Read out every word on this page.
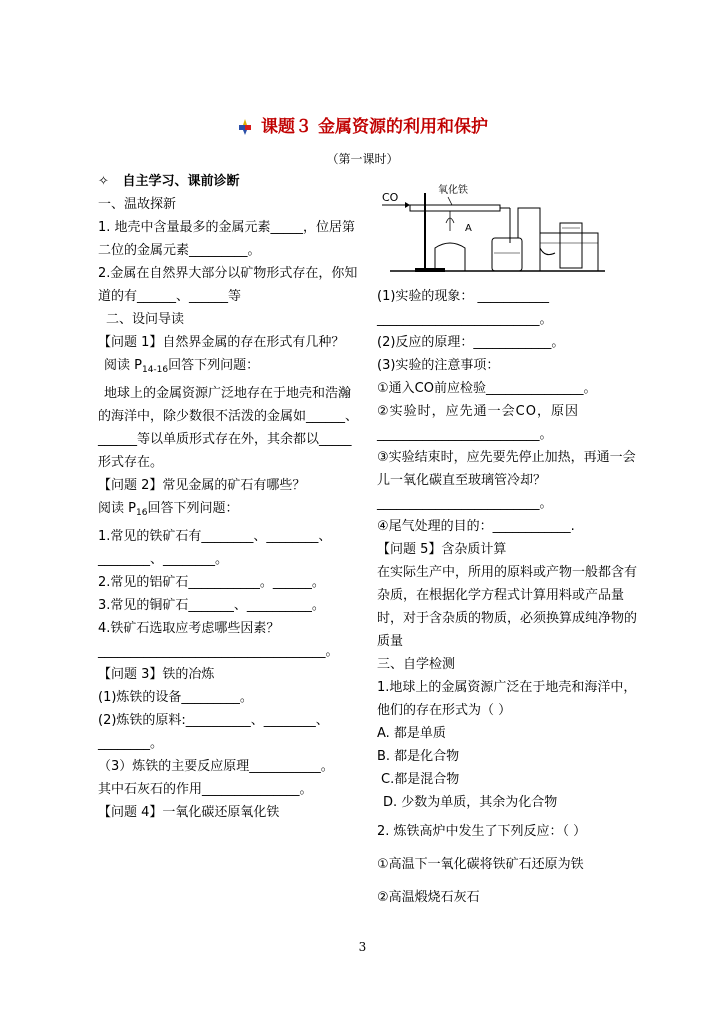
课题３ 金属资源的利用和保护
（第一课时）

✧   自主学习、课前诊断

一、温故探新

1. 地壳中含量最多的金属元素_____，位居第二位的金属元素_________。

2.金属在自然界大部分以矿物形式存在，你知道的有______、______等

二、设问导读

【问题 1】自然界金属的存在形式有几种？

阅读 $P_{14-16}$回答下列问题：

地球上的金属资源广泛地存在于地壳和浩瀚的海洋中，除少数很不活泼的金属如______、______等以单质形式存在外，其余都以_____形式存在。

【问题 2】常见金属的矿石有哪些？

阅读 $P_{16}$回答下列问题：

1.常见的铁矿石有________、________、________、________。

2.常见的铝矿石___________。______。

3.常见的铜矿石_______、__________。

4.铁矿石选取应考虑哪些因素？

___________________________________。

【问题 3】铁的冶炼

(1)炼铁的设备_________。

(2)炼铁的原料:__________、________、________。

（3）炼铁的主要反应原理___________。

其中石灰石的作用_______________。

【问题 4】一氧化碳还原氧化铁

CO
氧化铁
A

(1)实验的现象： ___________

_________________________。

(2)反应的原理：____________。

(3)实验的注意事项：

①通入CO前应检验_______________。

②实验时，应先通一会CO，原因

_________________________。

③实验结束时，应先要先停止加热，再通一会儿一氧化碳直至玻璃管冷却？

_________________________。

④尾气处理的目的：____________.

【问题 5】含杂质计算

在实际生产中，所用的原料或产物一般都含有杂质，在根据化学方程式计算用料或产品量时，对于含杂质的物质，必须换算成纯净物的质量

三、自学检测

1.地球上的金属资源广泛在于地壳和海洋中，他们的存在形式为（ ）

A. 都是单质

B. 都是化合物

C.都是混合物

D. 少数为单质，其余为化合物

2. 炼铁高炉中发生了下列反应：（ ）

①高温下一氧化碳将铁矿石还原为铁

②高温煅烧石灰石

3
